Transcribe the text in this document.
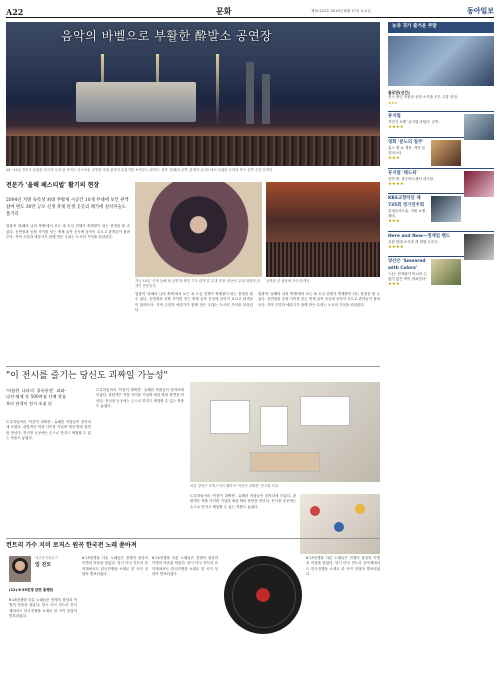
A22	문화	제31122호 2019년 8월 17일 토요일	동아일보
음악의 바벨으로 부활한 酔발소 공연장
10~12일 전문가 동원된 다국적 무대 뒤 보이는 다스러운 공연장 조형 관중의 분위기를 보여주는 위아다. 원조 '올해의 공연' 관계자 콘서트에서 보였던 무대의 축도 운반 공간 등이다.
전문가 '올해 페스티벌' 활기의 현장
2004년 지방 독특성 최대 부활제 시공간 10개 무대에 보인 관객 참여 변도 30만 규모 신생 축제 탄생 곳곳의 폐가에 설치미술도 볼거리
열광적 '올해의 나의 축제'에서 보는 폭 도심 전체가 축제장이 되는 풍경을 볼 수 있다. 공연장과 공장 사이를 잇는 축제 골목 곳곳에 음악이 흐르고 관객들이 몰려든다. 지역 주민과 예술가가 함께 만든 무대는 도시의 기억을 되살린다.
지난 10일 '신생 올해 팬 공연'을 펼친 가수 관객 앞 무대 현장. 한동안 무대 뒤편의 관객이 반응한다.
공연장 앞 광장에 모인 관객들
열광적 '올해의 나의 축제'에서 보는 폭 도심 전체가 축제장이 되는 풍경을 볼 수 있다. 공연장과 공장 사이를 잇는 축제 골목 곳곳에 음악이 흐르고 관객들이 몰려든다. 지역 주민과 예술가가 함께 만든 무대는 도시의 기억을 되살린다.
열광적 '올해의 나의 축제'에서 보는 폭 도심 전체가 축제장이 되는 풍경을 볼 수 있다. 공연장과 공장 사이를 잇는 축제 골목 곳곳에 음악이 흐르고 관객들이 몰려든다. 지역 주민과 예술가가 함께 만든 무대는 도시의 기억을 되살린다.
"이 전시를 즐기는 당신도 괴짜일 가능성"
'아름한 나라의 꼴록통전' 괴와-다진-영재 등 500여점 선배 작품보다 관객이 전시 초점 뒤
트루하임씨의 '이층이 괴짜전'. 유쾌한 작품들이 한자리에 모였다. 관람객은 작품 사이를 거닐며 예상 밖의 장면을 만난다. 전시장 곳곳에는 손으로 만지고 체험할 수 있는 작품도 놓였다.
트루하임씨의 '이층이 괴짜전'. 유쾌한 작품들이 한자리에 모였다. 관람객은 작품 사이를 거닐며 예상 밖의 장면을 만난다. 전시장 곳곳에는 손으로 만지고 체험할 수 있는 작품도 놓였다.
서울 강남구 코엑스 아트센터의 '이층이 괴짜전' 전시장 모습.
트루하임씨의 '이층이 괴짜전'. 유쾌한 작품들이 한자리에 모였다. 관람객은 작품 사이를 거닐며 예상 밖의 장면을 만난다. 전시장 곳곳에는 손으로 만지고 체험할 수 있는 작품도 놓였다.
컨트리 가수 지미 로저스 원곡 한국전 노래 쏟아져
대중음악평론가
임 진모
(12) 6·25전쟁 관련 통행판
6·25전쟁을 다룬 노래들은 전쟁의 참상과 이별의 아픔을 담았다. 당시 미국 컨트리 음악계에서도 한국전쟁을 소재로 한 곡이 잇달아 발표되었다.
6·25전쟁을 다룬 노래들은 전쟁의 참상과 이별의 아픔을 담았다. 당시 미국 컨트리 음악계에서도 한국전쟁을 소재로 한 곡이 잇달아 발표되었다.
6·25전쟁을 다룬 노래들은 전쟁의 참상과 이별의 아픔을 담았다. 당시 미국 컨트리 음악계에서도 한국전쟁을 소재로 한 곡이 잇달아 발표되었다.
6·25전쟁을 다룬 노래들은 전쟁의 참상과 이별의 아픔을 담았다. 당시 미국 컨트리 음악계에서도 한국전쟁을 소재로 한 곡이 잇달아 발표되었다.
눈과 귀가 즐거운 주말
클로단(신간)
전시 중인 작품과 공연 소식을 모은 주말 안내.
★★★
뮤지컬
자전거 쇼맨 '뮤지컬 마틸다' 공연.
★★★★
영화 '분노의 질주'
홉스 앤 쇼 개봉. 액션 블록버스터.
★★★
뮤지컬 '헤드윅'
공연 중. 충무아트센터 대극장.
★★★★
KBS교향악단 제735회 정기연주회
롯데콘서트홀. 지휘 요엘 레비.
★★★
Here and Now—정재일 밴드
음원 발매 소식과 새 앨범 수록곡.
★★★★
양산은 'Smeared with Colors'
"나는 단색화가 아니라 수없이 많은 색이 겹쳐진다"
★★★
